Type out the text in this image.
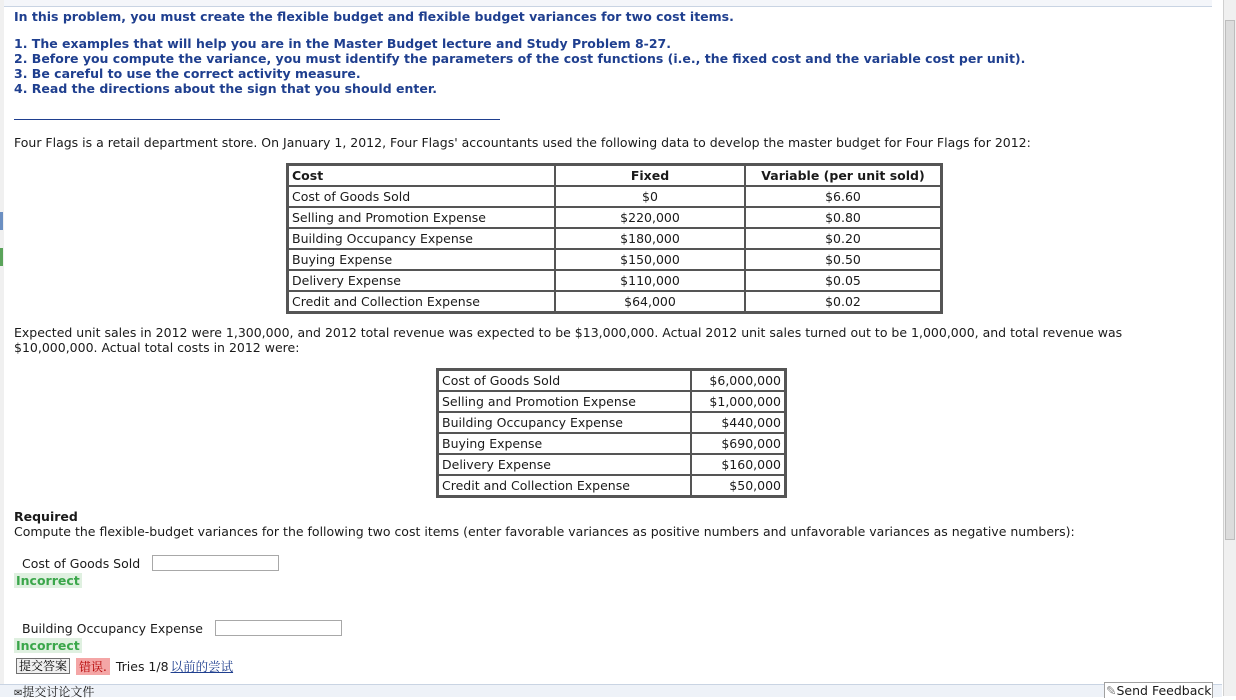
In this problem, you must create the flexible budget and flexible budget variances for two cost items.
1. The examples that will help you are in the Master Budget lecture and Study Problem 8-27.
2. Before you compute the variance, you must identify the parameters of the cost functions (i.e., the fixed cost and the variable cost per unit).
3. Be careful to use the correct activity measure.
4. Read the directions about the sign that you should enter.
Four Flags is a retail department store. On January 1, 2012, Four Flags' accountants used the following data to develop the master budget for Four Flags for 2012:
Cost	Fixed	Variable (per unit sold)
Cost of Goods Sold	$0	$6.60
Selling and Promotion Expense	$220,000	$0.80
Building Occupancy Expense	$180,000	$0.20
Buying Expense	$150,000	$0.50
Delivery Expense	$110,000	$0.05
Credit and Collection Expense	$64,000	$0.02
Expected unit sales in 2012 were 1,300,000, and 2012 total revenue was expected to be $13,000,000. Actual 2012 unit sales turned out to be 1,000,000, and total revenue was $10,000,000. Actual total costs in 2012 were:
Cost of Goods Sold	$6,000,000
Selling and Promotion Expense	$1,000,000
Building Occupancy Expense	$440,000
Buying Expense	$690,000
Delivery Expense	$160,000
Credit and Collection Expense	$50,000
Required
Compute the flexible-budget variances for the following two cost items (enter favorable variances as positive numbers and unfavorable variances as negative numbers):
Cost of Goods Sold
Incorrect
Building Occupancy Expense
Incorrect
提交答案 错误. Tries 1/8 以前的尝试
✉提交讨论文件	✎Send Feedback
